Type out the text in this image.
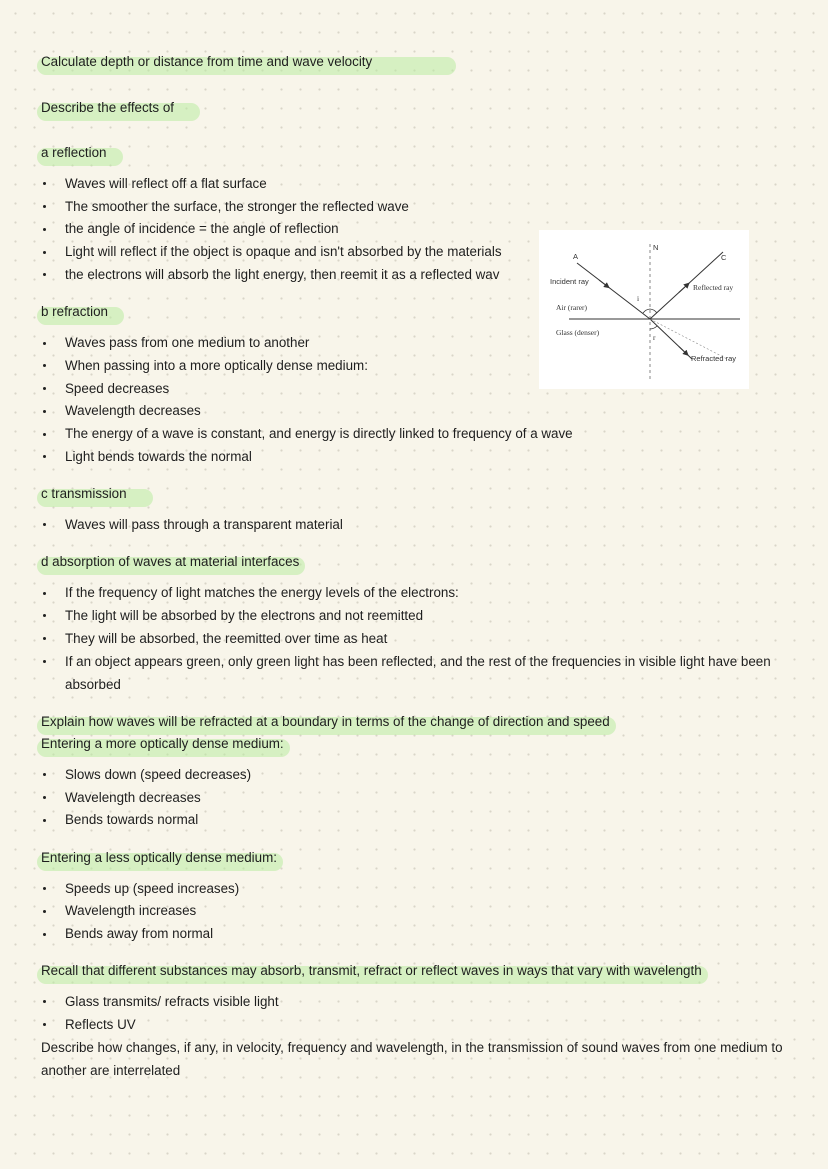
Calculate depth or distance from time and wave velocity
Describe the effects of
a reflection
Waves will reflect off a flat surface
The smoother the surface, the stronger the reflected wave
the angle of incidence = the angle of reflection
Light will reflect if the object is opaque and isn't absorbed by the materials
the electrons will absorb the light energy, then reemit it as a reflected wav
b refraction
Waves pass from one medium to another
When passing into a more optically dense medium:
Speed decreases
Wavelength decreases
The energy of a wave is constant, and energy is directly linked to frequency of a wave
Light bends towards the normal
A
N
C
Incident ray
Reflected ray
Air (rarer)
Glass (denser)
Refracted ray
i
r
c transmission
Waves will pass through a transparent material
d absorption of waves at material interfaces
If the frequency of light matches the energy levels of the electrons:
The light will be absorbed by the electrons and not reemitted
They will be absorbed, the reemitted over time as heat
If an object appears green, only green light has been reflected, and the rest of the frequencies in visible light have been absorbed
Explain how waves will be refracted at a boundary in terms of the change of direction and speed
Entering a more optically dense medium:
Slows down (speed decreases)
Wavelength decreases
Bends towards normal
Entering a less optically dense medium:
Speeds up (speed increases)
Wavelength increases
Bends away from normal
Recall that different substances may absorb, transmit, refract or reflect waves in ways that vary with wavelength
Glass transmits/ refracts visible light
Reflects UV
Describe how changes, if any, in velocity, frequency and wavelength, in the transmission of sound waves from one medium to another are interrelated
